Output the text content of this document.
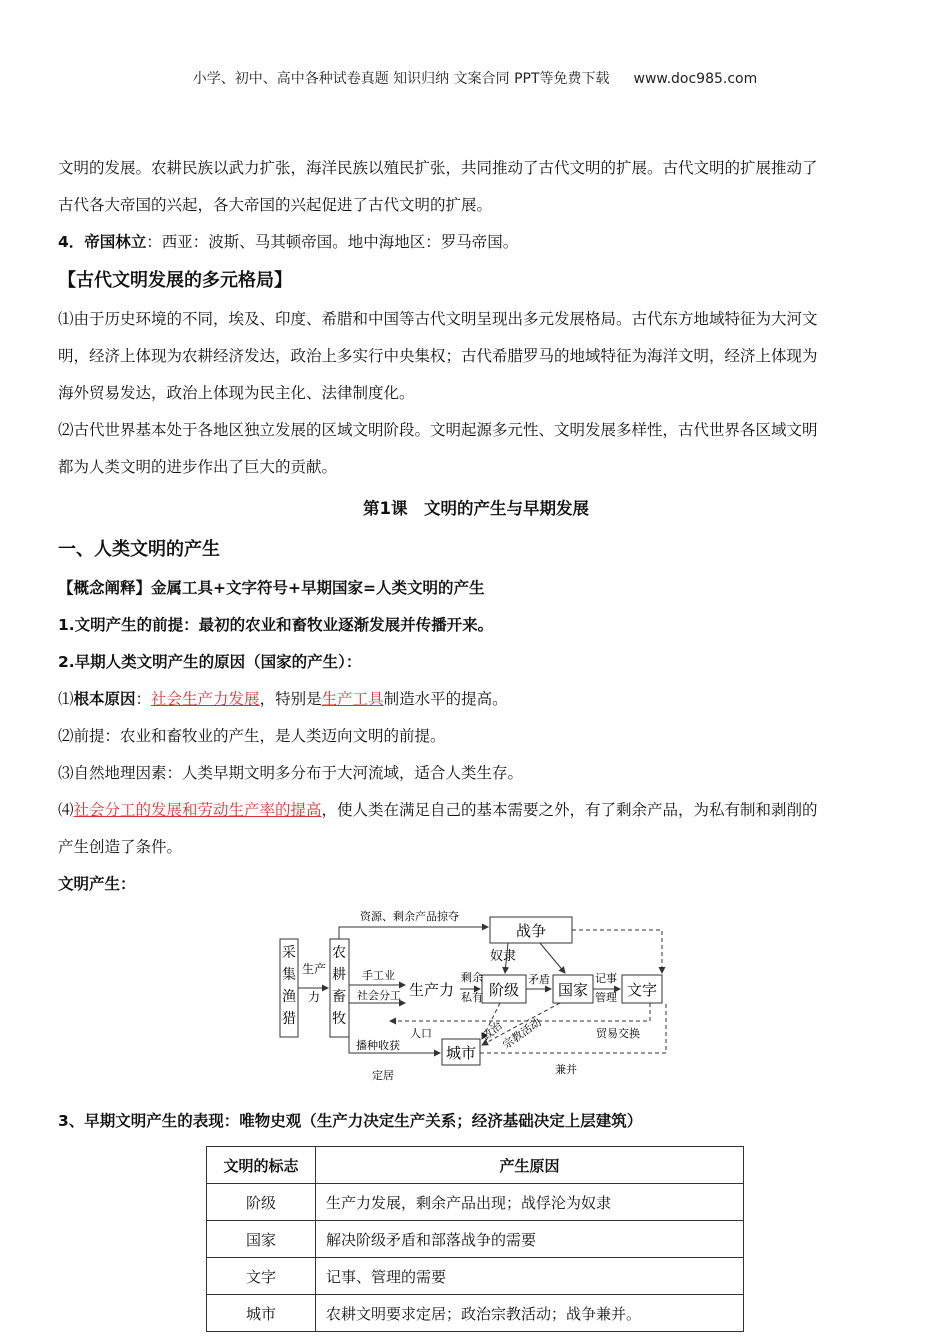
小学、初中、高中各种试卷真题 知识归纳 文案合同 PPT等免费下载 www.doc985.com

文明的发展。农耕民族以武力扩张，海洋民族以殖民扩张，共同推动了古代文明的扩展。古代文明的扩展推动了

古代各大帝国的兴起，各大帝国的兴起促进了古代文明的扩展。

4．帝国林立：西亚：波斯、马其顿帝国。地中海地区：罗马帝国。

【古代文明发展的多元格局】

⑴由于历史环境的不同，埃及、印度、希腊和中国等古代文明呈现出多元发展格局。古代东方地域特征为大河文

明，经济上体现为农耕经济发达，政治上多实行中央集权；古代希腊罗马的地域特征为海洋文明，经济上体现为

海外贸易发达，政治上体现为民主化、法律制度化。

⑵古代世界基本处于各地区独立发展的区域文明阶段。文明起源多元性、文明发展多样性，古代世界各区域文明

都为人类文明的进步作出了巨大的贡献。

第1课　文明的产生与早期发展

一、人类文明的产生

【概念阐释】金属工具+文字符号+早期国家=人类文明的产生

1.文明产生的前提：最初的农业和畜牧业逐渐发展并传播开来。

2.早期人类文明产生的原因（国家的产生）：

⑴根本原因：社会生产力发展，特别是生产工具制造水平的提高。

⑵前提：农业和畜牧业的产生，是人类迈向文明的前提。

⑶自然地理因素：人类早期文明多分布于大河流域，适合人类生存。

⑷社会分工的发展和劳动生产率的提高，使人类在满足自己的基本需要之外，有了剩余产品，为私有制和剥削的

产生创造了条件。

文明产生：

采
集
渔
猎
农
耕
畜
牧
生产
力
战争
资源、剩余产品掠夺
奴隶
手工业
社会分工 生产力
剩余
私有 阶级
矛盾
国家
记事
管理 文字
人口	政治
宗教活动	贸易交换
播种收获	城市
定居	兼并

3、早期文明产生的表现：唯物史观（生产力决定生产关系；经济基础决定上层建筑）

文明的标志	产生原因
阶级	生产力发展，剩余产品出现；战俘沦为奴隶
国家	解决阶级矛盾和部落战争的需要
文字	记事、管理的需要
城市	农耕文明要求定居；政治宗教活动；战争兼并。
